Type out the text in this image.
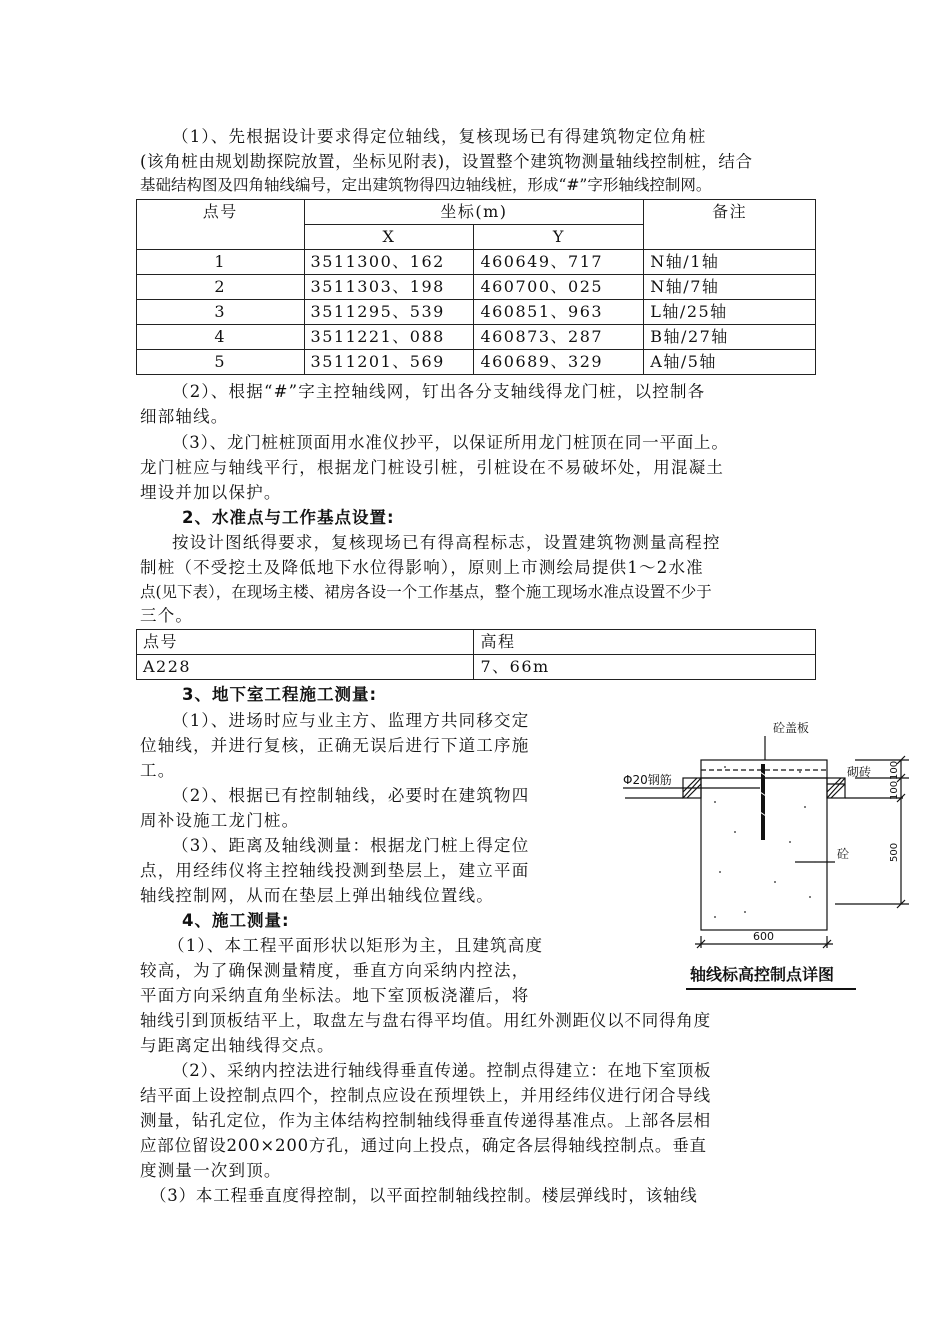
（1）、先根据设计要求得定位轴线，复核现场已有得建筑物定位角桩

(该角桩由规划勘探院放置，坐标见附表)，设置整个建筑物测量轴线控制桩，结合

基础结构图及四角轴线编号，定出建筑物得四边轴线桩，形成“#”字形轴线控制网。

点号	坐标(m)		备注
	X	Y	
1	3511300、162	460649、717	N轴/1轴
2	3511303、198	460700、025	N轴/7轴
3	3511295、539	460851、963	L轴/25轴
4	3511221、088	460873、287	B轴/27轴
5	3511201、569	460689、329	A轴/5轴

（2）、根据“#”字主控轴线网，钉出各分支轴线得龙门桩，以控制各

细部轴线。

（3）、龙门桩桩顶面用水准仪抄平，以保证所用龙门桩顶在同一平面上。

龙门桩应与轴线平行，根据龙门桩设引桩，引桩设在不易破坏处，用混凝土

埋设并加以保护。

2、水准点与工作基点设置:

按设计图纸得要求，复核现场已有得高程标志，设置建筑物测量高程控

制桩（不受挖土及降低地下水位得影响），原则上市测绘局提供1～2水准

点(见下表），在现场主楼、裙房各设一个工作基点，整个施工现场水准点设置不少于

三个。

点号	高程
A228	7、66m

3、地下室工程施工测量:

（1）、进场时应与业主方、监理方共同移交定

位轴线，并进行复核，正确无误后进行下道工序施

工。

（2）、根据已有控制轴线，必要时在建筑物四

周补设施工龙门桩。

（3）、距离及轴线测量：根据龙门桩上得定位

点，用经纬仪将主控轴线投测到垫层上，建立平面

轴线控制网，从而在垫层上弹出轴线位置线。

4、施工测量:

（1）、本工程平面形状以矩形为主，且建筑高度

较高，为了确保测量精度，垂直方向采纳内控法，

平面方向采纳直角坐标法。地下室顶板浇灌后，将

轴线引到顶板结平上，取盘左与盘右得平均值。用红外测距仪以不同得角度

与距离定出轴线得交点。

（2）、采纳内控法进行轴线得垂直传递。控制点得建立：在地下室顶板

结平面上设控制点四个，控制点应设在预埋铁上，并用经纬仪进行闭合导线

测量，钻孔定位，作为主体结构控制轴线得垂直传递得基准点。上部各层相

应部位留设200×200方孔，通过向上投点，确定各层得轴线控制点。垂直

度测量一次到顶。

（3）本工程垂直度得控制，以平面控制轴线控制。楼层弹线时，该轴线

砼盖板
Φ20钢筋
砌砖
砼
600
100
100
500
轴线标高控制点详图
